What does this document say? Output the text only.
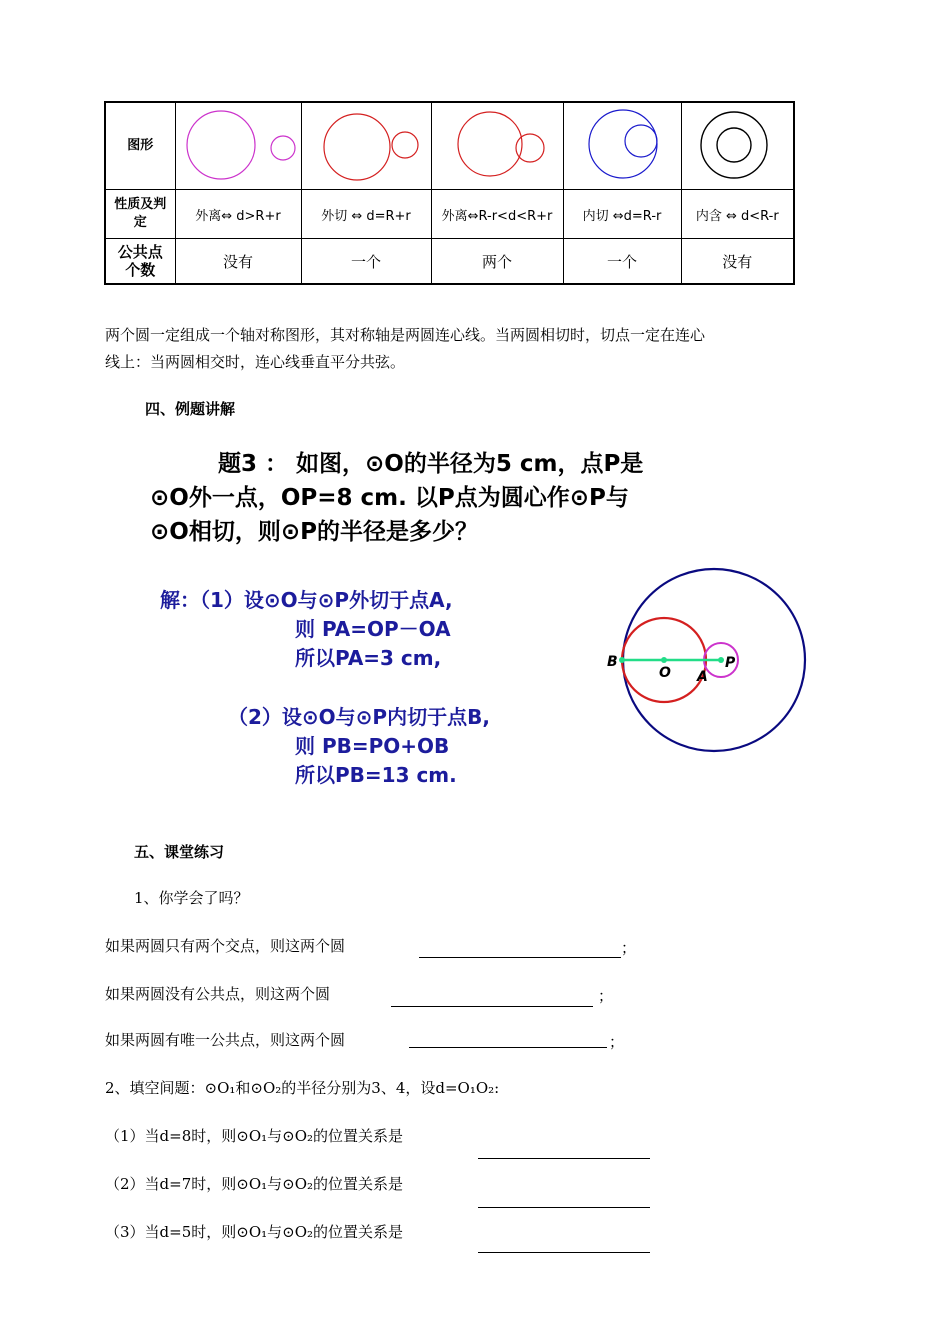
图形					
性质及判定	外离⇔ d>R+r	外切 ⇔ d=R+r	外离⇔R-r<d<R+r	内切 ⇔d=R-r	内含 ⇔ d<R-r
公共点个数	没有	一个	两个	一个	没有
两个圆一定组成一个轴对称图形，其对称轴是两圆连心线。当两圆相切时，切点一定在连心
线上：当两圆相交时，连心线垂直平分共弦。
四、例题讲解
题3 ： 如图，⊙O的半径为5 cm，点P是
⊙O外一点，OP=8 cm. 以P点为圆心作⊙P与
⊙O相切，则⊙P的半径是多少？
解：（1）设⊙O与⊙P外切于点A,
则 PA=OP－OA
所以PA=3 cm,
（2）设⊙O与⊙P内切于点B,
则 PB=PO+OB
所以PB=13 cm.
B
O A
P
五、课堂练习
1、你学会了吗？
如果两圆只有两个交点，则这两个圆	；
如果两圆没有公共点，则这两个圆	；
如果两圆有唯一公共点，则这两个圆	；
2、填空间题：⊙O₁和⊙O₂的半径分别为3、4，设d=O₁O₂:
（1）当d=8时，则⊙O₁与⊙O₂的位置关系是
（2）当d=7时，则⊙O₁与⊙O₂的位置关系是
（3）当d=5时，则⊙O₁与⊙O₂的位置关系是
